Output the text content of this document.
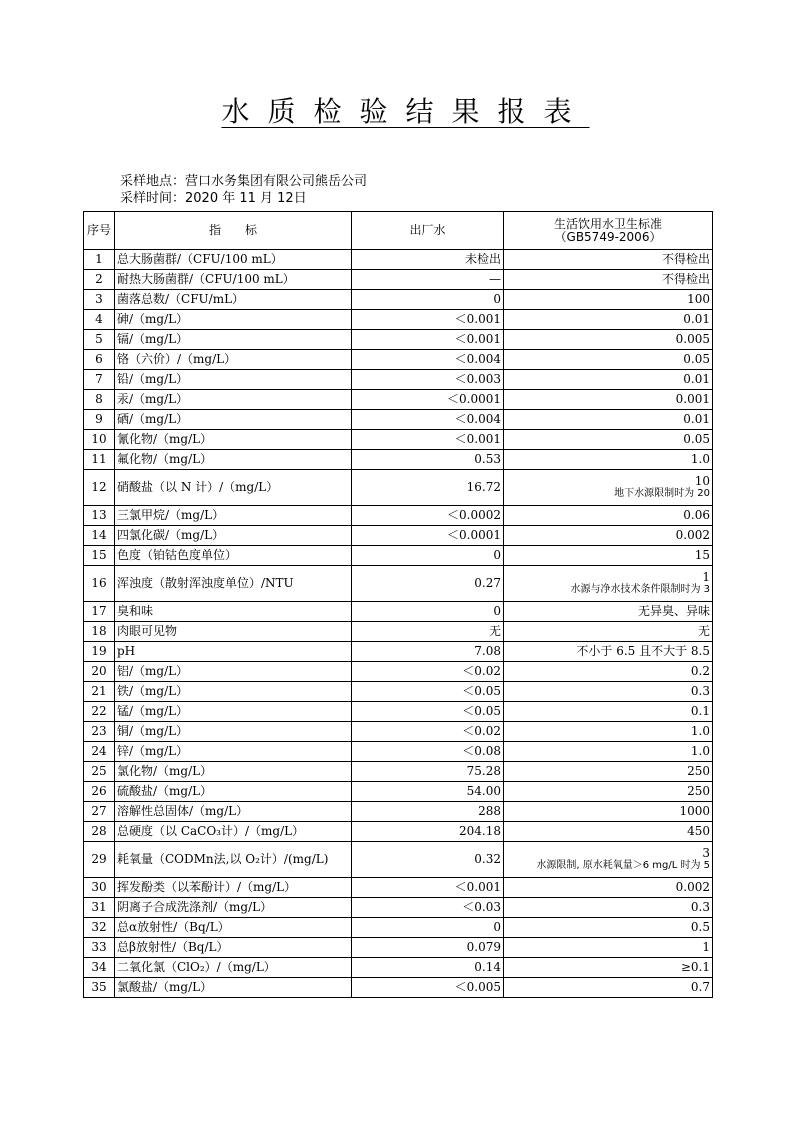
水质检验结果报表
采样地点：营口水务集团有限公司熊岳公司
采样时间：2020 年 11 月 12日
序号	指　　标	出厂水	生活饮用水卫生标准
（GB5749-2006）

1	总大肠菌群/（CFU/100 mL）	未检出	不得检出

2	耐热大肠菌群/（CFU/100 mL）	—	不得检出

3	菌落总数/（CFU/mL）	0	100

4	砷/（mg/L）	＜0.001	0.01

5	镉/（mg/L）	＜0.001	0.005

6	铬（六价）/（mg/L）	＜0.004	0.05

7	铅/（mg/L）	＜0.003	0.01

8	汞/（mg/L）	＜0.0001	0.001

9	硒/（mg/L）	＜0.004	0.01

10	氰化物/（mg/L）	＜0.001	0.05

11	氟化物/（mg/L）	0.53	1.0

12	硝酸盐（以 N 计）/（mg/L）	16.72	10
地下水源限制时为 20

13	三氯甲烷/（mg/L）	＜0.0002	0.06

14	四氯化碳/（mg/L）	＜0.0001	0.002

15	色度（铂钴色度单位）	0	15

16	浑浊度（散射浑浊度单位）/NTU	0.27	1
水源与净水技术条件限制时为 3

17	臭和味	0	无异臭、异味

18	肉眼可见物	无	无

19	pH	7.08	不小于 6.5 且不大于 8.5

20	铝/（mg/L）	＜0.02	0.2

21	铁/（mg/L）	＜0.05	0.3

22	锰/（mg/L）	＜0.05	0.1

23	铜/（mg/L）	＜0.02	1.0

24	锌/（mg/L）	＜0.08	1.0

25	氯化物/（mg/L）	75.28	250

26	硫酸盐/（mg/L）	54.00	250

27	溶解性总固体/（mg/L）	288	1000

28	总硬度（以 CaCO₃计）/（mg/L）	204.18	450

29	耗氧量（CODMn法,以 O₂计）/(mg/L)	0.32	3
水源限制, 原水耗氧量＞6 mg/L 时为 5

30	挥发酚类（以苯酚计）/（mg/L）	＜0.001	0.002

31	阴离子合成洗涤剂/（mg/L）	＜0.03	0.3

32	总α放射性/（Bq/L）	0	0.5

33	总β放射性/（Bq/L）	0.079	1

34	二氧化氯（ClO₂）/（mg/L）	0.14	≥0.1

35	氯酸盐/（mg/L）	＜0.005	0.7
